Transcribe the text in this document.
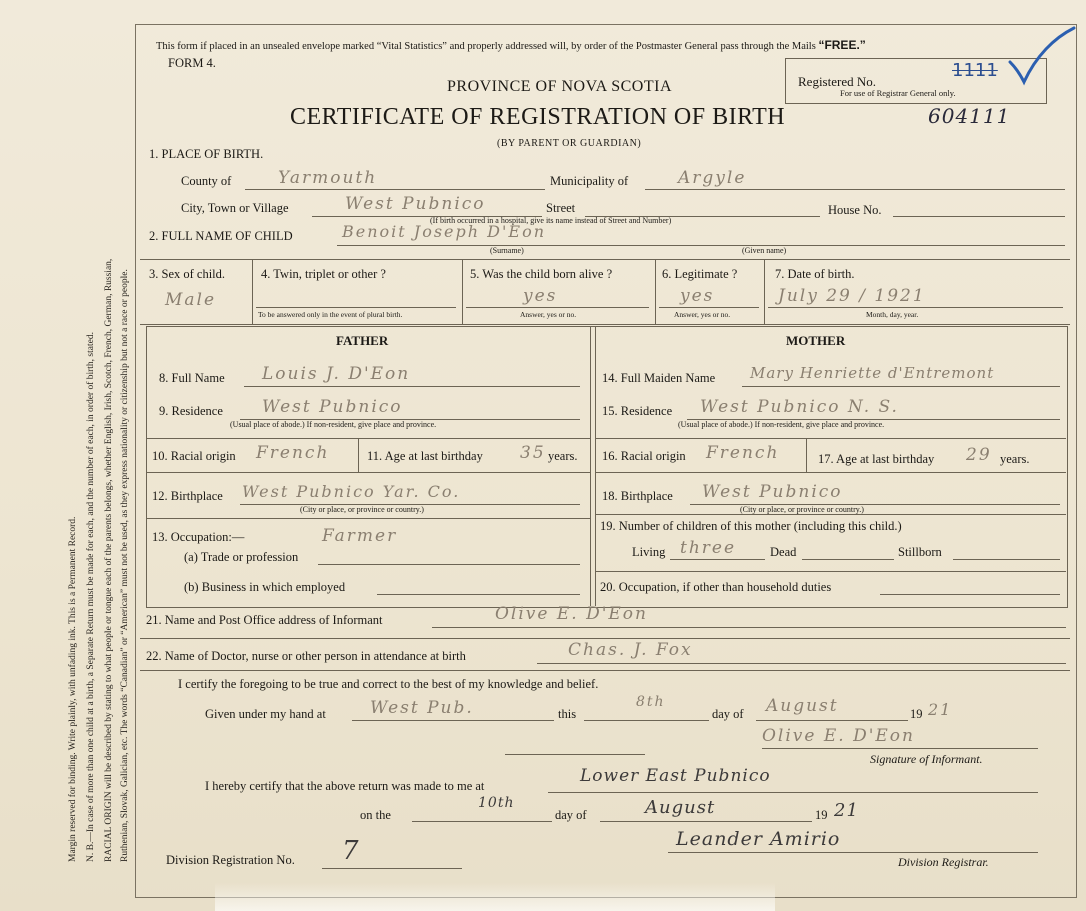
Margin reserved for binding. Write plainly, with unfading ink. This is a Permanent Record. N. B.—In case of more than one child at a birth, a Separate Return must be made for each, and the number of each, in order of birth, stated. RACIAL ORIGIN will be described by stating to what people or tongue each of the parents belongs, whether English, Irish, Scotch, French, German, Russian, Ruthenian, Slovak, Galician, etc. The words “Canadian” or “American” must not be used, as they express nationality or citizenship but not a race or people.
This form if placed in an unsealed envelope marked “Vital Statistics” and properly addressed will, by order of the Postmaster General pass through the Mails “FREE.”
FORM 4.
PROVINCE OF NOVA SCOTIA
CERTIFICATE OF REGISTRATION OF BIRTH
(BY PARENT OR GUARDIAN)
Registered No.
1111
For use of Registrar General only.
604111
1. PLACE OF BIRTH.
County of	Yarmouth	Municipality of	Argyle
City, Town or Village	West Pubnico	Street
(If birth occurred in a hospital, give its name instead of Street and Number)
House No.
2. FULL NAME OF CHILD	Benoit Joseph D'Eon
(Surname)	(Given name)
3. Sex of child.
Male
4. Twin, triplet or other ?
To be answered only in the event of plural birth.
5. Was the child born alive ?
yes
Answer, yes or no.
6. Legitimate ?
yes
Answer, yes or no.
7. Date of birth.
July 29 / 1921
Month, day, year.
FATHER	MOTHER
8. Full Name Louis J. D'Eon
9. Residence West Pubnico
(Usual place of abode.) If non-resident, give place and province.
10. Racial origin French	11. Age at last birthday 35 years.
12. Birthplace West Pubnico Yar. Co.
(City or place, or province or country.)
13. Occupation:—	Farmer
(a) Trade or profession
(b) Business in which employed
14. Full Maiden Name Mary Henriette d'Entremont
15. Residence West Pubnico N. S.
(Usual place of abode.) If non-resident, give place and province.
16. Racial origin French	17. Age at last birthday 29 years.
18. Birthplace West Pubnico
(City or place, or province or country.)
19. Number of children of this mother (including this child.)
Living three	Dead	Stillborn
20. Occupation, if other than household duties
21. Name and Post Office address of Informant	Olive E. D'Eon
22. Name of Doctor, nurse or other person in attendance at birth	Chas. J. Fox
I certify the foregoing to be true and correct to the best of my knowledge and belief.
Given under my hand at	West Pub.	this
8th
day of August	19 21
Olive E. D'Eon
Signature of Informant.
I hereby certify that the above return was made to me at	Lower East Pubnico
on the
10th
day of	August	19 21
Division Registration No. 7	Leander Amirio
Division Registrar.
